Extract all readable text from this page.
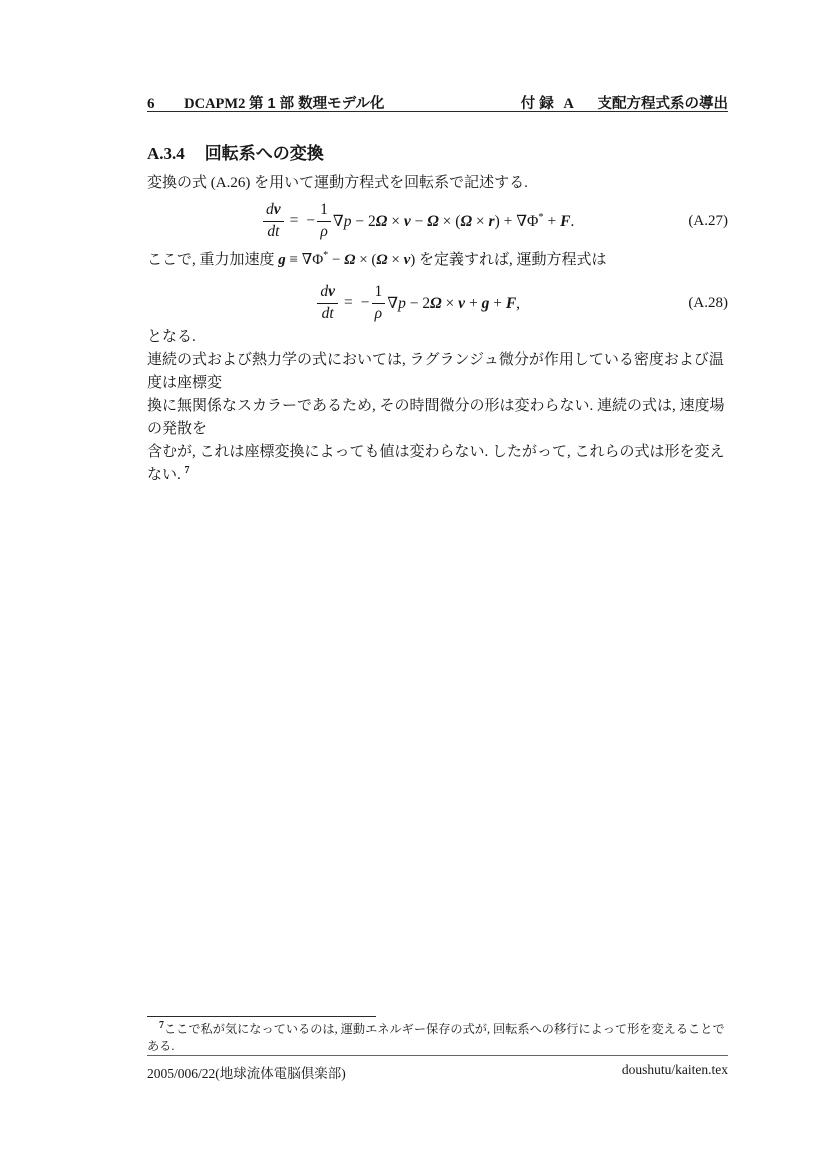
6 DCAPM2 第 1 部 数理モデル化	付 録 A 支配方程式系の導出
A.3.4 回転系への変換
変換の式 (A.26) を用いて運動方程式を回転系で記述する.
$\frac{dv}{dt}$ = − $\frac{1}{\rho} \nabla p - 2\Omega \times v - \Omega \times (\Omega \times r) + \nabla\Phi^* + F$.	(A.27)
ここで, 重力加速度 g ≡ ∇Φ* − Ω × (Ω × v) を定義すれば, 運動方程式は
$\frac{dv}{dt}$ = − $\frac{1}{\rho} \nabla p - 2\Omega \times v + g + F$,	(A.28)
となる.
連続の式および熱力学の式においては, ラグランジュ微分が作用している密度および温度は座標変
換に無関係なスカラーであるため, その時間微分の形は変わらない. 連続の式は, 速度場の発散を
含むが, これは座標変換によっても値は変わらない. したがって, これらの式は形を変えない. $^7$
$^7$ここで私が気になっているのは, 運動エネルギー保存の式が, 回転系への移行によって形を変えることである.
2005/006/22(地球流体電脳倶楽部)	doushutu/kaiten.tex
